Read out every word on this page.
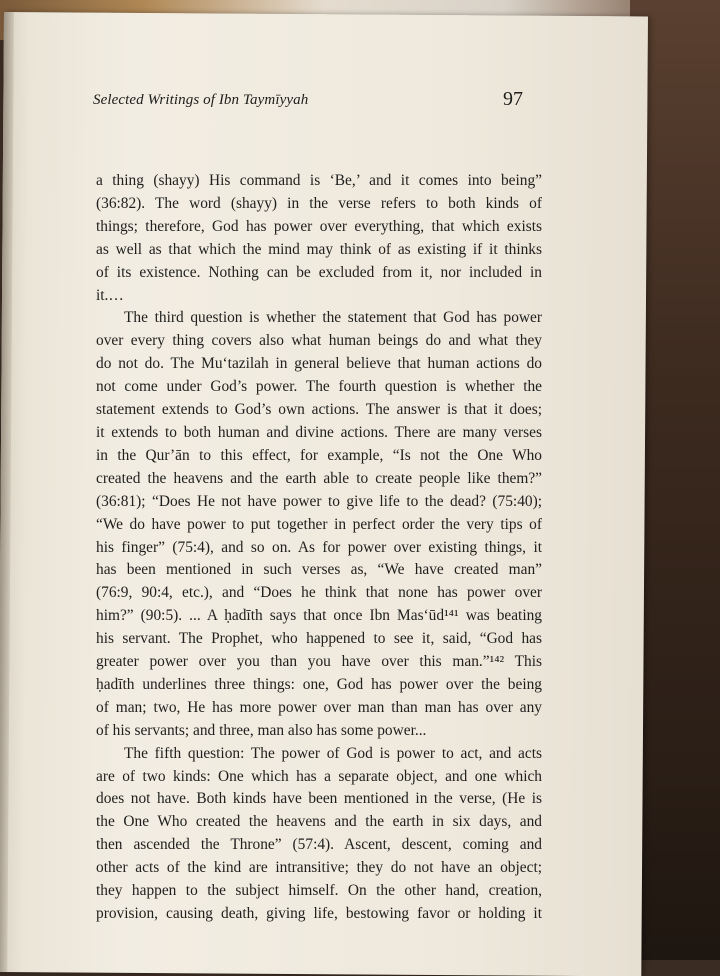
Selected Writings of Ibn Taymīyyah	97
a thing (shayy) His command is ‘Be,’ and it comes into being”
(36:82). The word (shayy) in the verse refers to both kinds of
things; therefore, God has power over everything, that which exists
as well as that which the mind may think of as existing if it thinks
of its existence. Nothing can be excluded from it, nor included in
it.…
The third question is whether the statement that God has power
over every thing covers also what human beings do and what they
do not do. The Mu‘tazilah in general believe that human actions do
not come under God’s power. The fourth question is whether the
statement extends to God’s own actions. The answer is that it does;
it extends to both human and divine actions. There are many verses
in the Qur’ān to this effect, for example, “Is not the One Who
created the heavens and the earth able to create people like them?”
(36:81); “Does He not have power to give life to the dead? (75:40);
“We do have power to put together in perfect order the very tips of
his finger” (75:4), and so on. As for power over existing things, it
has been mentioned in such verses as, “We have created man”
(76:9, 90:4, etc.), and “Does he think that none has power over
him?” (90:5). ... A ḥadīth says that once Ibn Mas‘ūd¹⁴¹ was beating
his servant. The Prophet, who happened to see it, said, “God has
greater power over you than you have over this man.”¹⁴² This
ḥadīth underlines three things: one, God has power over the being
of man; two, He has more power over man than man has over any
of his servants; and three, man also has some power...
The fifth question: The power of God is power to act, and acts
are of two kinds: One which has a separate object, and one which
does not have. Both kinds have been mentioned in the verse, (He is
the One Who created the heavens and the earth in six days, and
then ascended the Throne” (57:4). Ascent, descent, coming and
other acts of the kind are intransitive; they do not have an object;
they happen to the subject himself. On the other hand, creation,
provision, causing death, giving life, bestowing favor or holding it
